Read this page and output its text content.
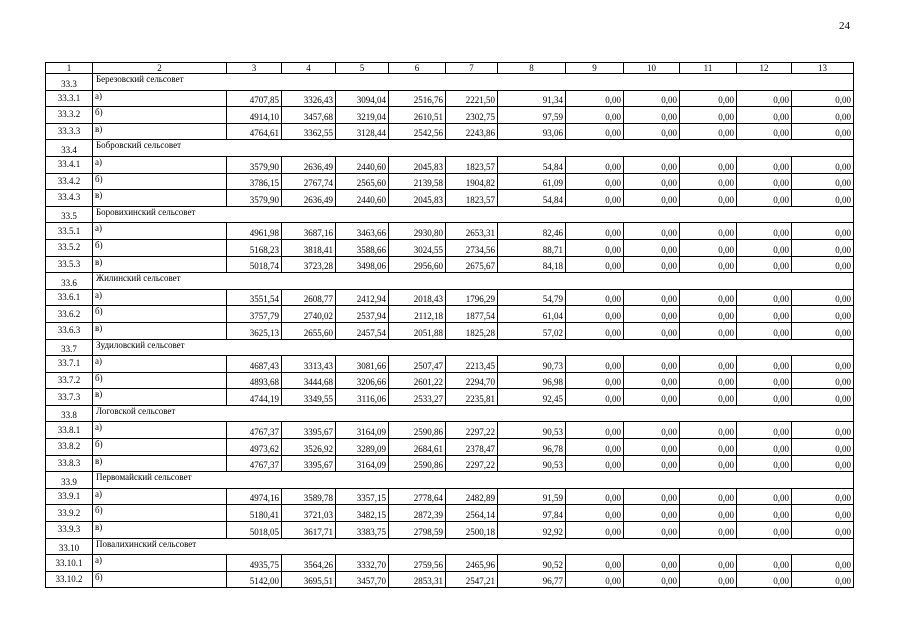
24
1	2	3	4	5	6	7	8	9	10	11	12	13
33.3	Березовский сельсовет											
33.3.1	а)	4707,85	3326,43	3094,04	2516,76	2221,50	91,34	0,00	0,00	0,00	0,00	0,00
33.3.2	б)	4914,10	3457,68	3219,04	2610,51	2302,75	97,59	0,00	0,00	0,00	0,00	0,00
33.3.3	в)	4764,61	3362,55	3128,44	2542,56	2243,86	93,06	0,00	0,00	0,00	0,00	0,00
33.4	Бобровский сельсовет											
33.4.1	а)	3579,90	2636,49	2440,60	2045,83	1823,57	54,84	0,00	0,00	0,00	0,00	0,00
33.4.2	б)	3786,15	2767,74	2565,60	2139,58	1904,82	61,09	0,00	0,00	0,00	0,00	0,00
33.4.3	в)	3579,90	2636,49	2440,60	2045,83	1823,57	54,84	0,00	0,00	0,00	0,00	0,00
33.5	Боровихинский сельсовет											
33.5.1	а)	4961,98	3687,16	3463,66	2930,80	2653,31	82,46	0,00	0,00	0,00	0,00	0,00
33.5.2	б)	5168,23	3818,41	3588,66	3024,55	2734,56	88,71	0,00	0,00	0,00	0,00	0,00
33.5.3	в)	5018,74	3723,28	3498,06	2956,60	2675,67	84,18	0,00	0,00	0,00	0,00	0,00
33.6	Жилинский сельсовет											
33.6.1	а)	3551,54	2608,77	2412,94	2018,43	1796,29	54,79	0,00	0,00	0,00	0,00	0,00
33.6.2	б)	3757,79	2740,02	2537,94	2112,18	1877,54	61,04	0,00	0,00	0,00	0,00	0,00
33.6.3	в)	3625,13	2655,60	2457,54	2051,88	1825,28	57,02	0,00	0,00	0,00	0,00	0,00
33.7	Зудиловский сельсовет											
33.7.1	а)	4687,43	3313,43	3081,66	2507,47	2213,45	90,73	0,00	0,00	0,00	0,00	0,00
33.7.2	б)	4893,68	3444,68	3206,66	2601,22	2294,70	96,98	0,00	0,00	0,00	0,00	0,00
33.7.3	в)	4744,19	3349,55	3116,06	2533,27	2235,81	92,45	0,00	0,00	0,00	0,00	0,00
33.8	Логовской сельсовет											
33.8.1	а)	4767,37	3395,67	3164,09	2590,86	2297,22	90,53	0,00	0,00	0,00	0,00	0,00
33.8.2	б)	4973,62	3526,92	3289,09	2684,61	2378,47	96,78	0,00	0,00	0,00	0,00	0,00
33.8.3	в)	4767,37	3395,67	3164,09	2590,86	2297,22	90,53	0,00	0,00	0,00	0,00	0,00
33.9	Первомайский сельсовет											
33.9.1	а)	4974,16	3589,78	3357,15	2778,64	2482,89	91,59	0,00	0,00	0,00	0,00	0,00
33.9.2	б)	5180,41	3721,03	3482,15	2872,39	2564,14	97,84	0,00	0,00	0,00	0,00	0,00
33.9.3	в)	5018,05	3617,71	3383,75	2798,59	2500,18	92,92	0,00	0,00	0,00	0,00	0,00
33.10	Повалихинский сельсовет											
33.10.1	а)	4935,75	3564,26	3332,70	2759,56	2465,96	90,52	0,00	0,00	0,00	0,00	0,00
33.10.2	б)	5142,00	3695,51	3457,70	2853,31	2547,21	96,77	0,00	0,00	0,00	0,00	0,00
